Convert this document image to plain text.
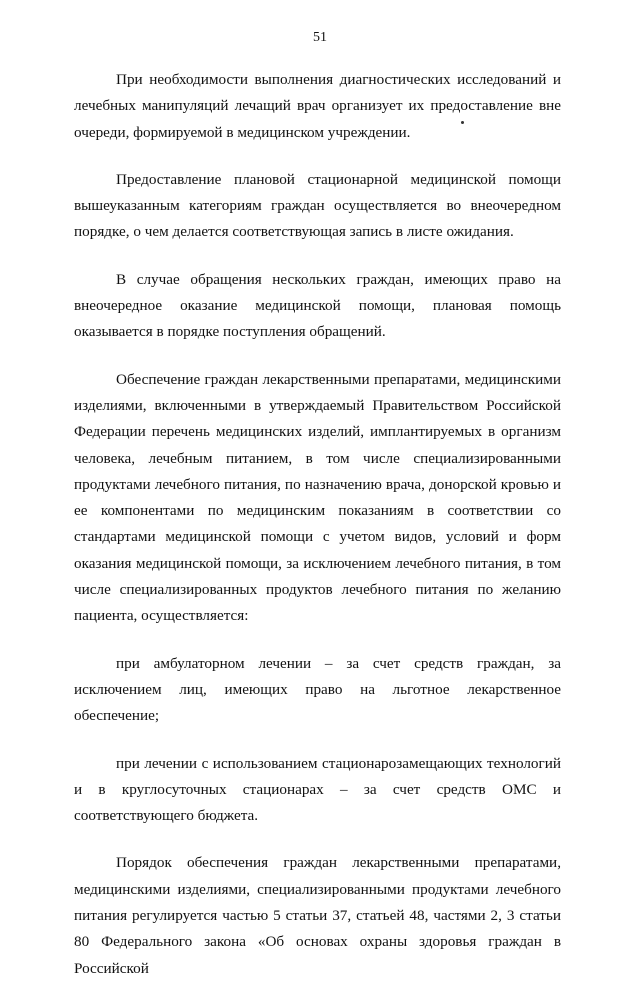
51

При необходимости выполнения диагностических исследований и лечебных манипуляций лечащий врач организует их предоставление вне очереди, формируемой в медицинском учреждении.

Предоставление плановой стационарной медицинской помощи вышеуказанным категориям граждан осуществляется во внеочередном порядке, о чем делается соответствующая запись в листе ожидания.

В случае обращения нескольких граждан, имеющих право на внеочередное оказание медицинской помощи, плановая помощь оказывается в порядке поступления обращений.

Обеспечение граждан лекарственными препаратами, медицинскими изделиями, включенными в утверждаемый Правительством Российской Федерации перечень медицинских изделий, имплантируемых в организм человека, лечебным питанием, в том числе специализированными продуктами лечебного питания, по назначению врача, донорской кровью и ее компонентами по медицинским показаниям в соответствии со стандартами медицинской помощи с учетом видов, условий и форм оказания медицинской помощи, за исключением лечебного питания, в том числе специализированных продуктов лечебного питания по желанию пациента, осуществляется:

при амбулаторном лечении – за счет средств граждан, за исключением лиц, имеющих право на льготное лекарственное обеспечение;

при лечении с использованием стационарозамещающих технологий и в круглосуточных стационарах – за счет средств ОМС и соответствующего бюджета.

Порядок обеспечения граждан лекарственными препаратами, медицинскими изделиями, специализированными продуктами лечебного питания регулируется частью 5 статьи 37, статьей 48, частями 2, 3 статьи 80 Федерального закона «Об основах охраны здоровья граждан в Российской
